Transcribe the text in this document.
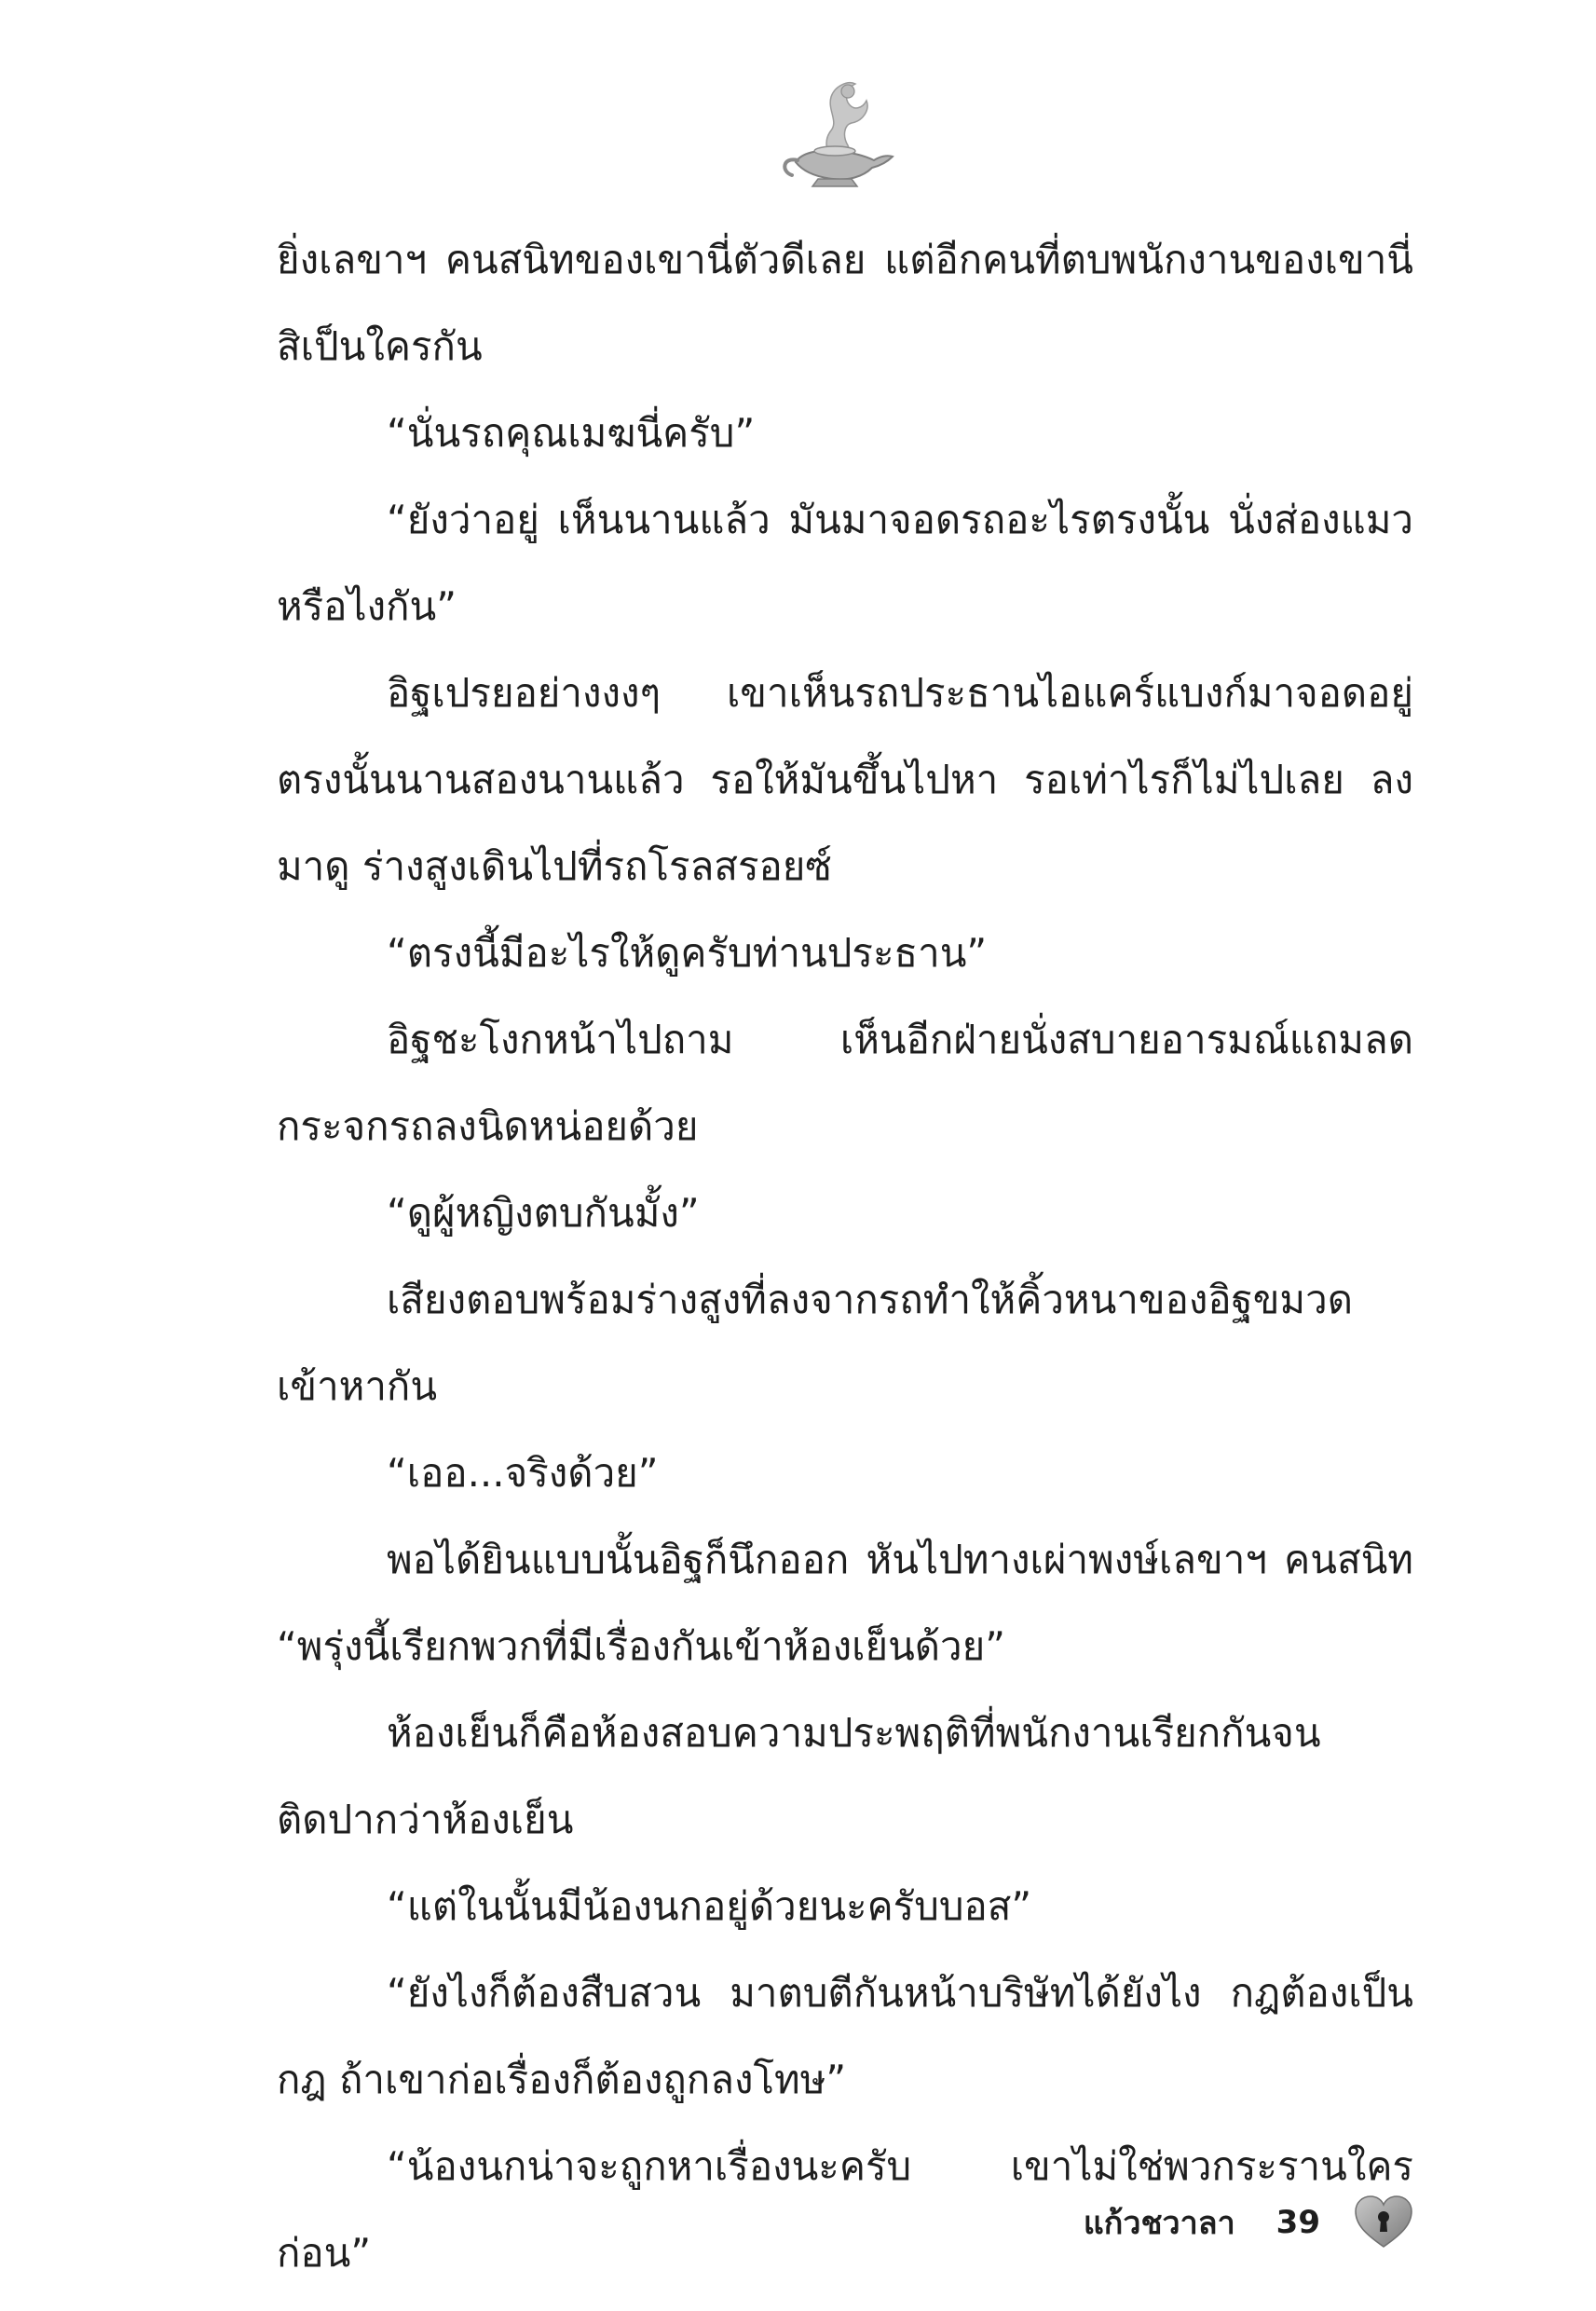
ยิ่งเลขาฯ คนสนิทของเขานี่ตัวดีเลย แต่อีกคนที่ตบพนักงานของเขานี่สิเป็นใครกัน

“นั่นรถคุณเมฆนี่ครับ”

“ยังว่าอยู่ เห็นนานแล้ว มันมาจอดรถอะไรตรงนั้น นั่งส่องแมวหรือไงกัน”

อิฐเปรยอย่างงงๆ เขาเห็นรถประธานไอแคร์แบงก์มาจอดอยู่ตรงนั้นนานสองนานแล้ว รอให้มันขึ้นไปหา รอเท่าไรก็ไม่ไปเลย ลงมาดู ร่างสูงเดินไปที่รถโรลสรอยซ์

“ตรงนี้มีอะไรให้ดูครับท่านประธาน”

อิฐชะโงกหน้าไปถาม เห็นอีกฝ่ายนั่งสบายอารมณ์แถมลดกระจกรถลงนิดหน่อยด้วย

“ดูผู้หญิงตบกันมั้ง”

เสียงตอบพร้อมร่างสูงที่ลงจากรถทำให้คิ้วหนาของอิฐขมวดเข้าหากัน

“เออ...จริงด้วย”

พอได้ยินแบบนั้นอิฐก็นึกออก หันไปทางเผ่าพงษ์เลขาฯ คนสนิท “พรุ่งนี้เรียกพวกที่มีเรื่องกันเข้าห้องเย็นด้วย”

ห้องเย็นก็คือห้องสอบความประพฤติที่พนักงานเรียกกันจนติดปากว่าห้องเย็น

“แต่ในนั้นมีน้องนกอยู่ด้วยนะครับบอส”

“ยังไงก็ต้องสืบสวน มาตบตีกันหน้าบริษัทได้ยังไง กฎต้องเป็นกฎ ถ้าเขาก่อเรื่องก็ต้องถูกลงโทษ”

“น้องนกน่าจะถูกหาเรื่องนะครับ เขาไม่ใช่พวกระรานใครก่อน”

แก้วชวาลา 39
